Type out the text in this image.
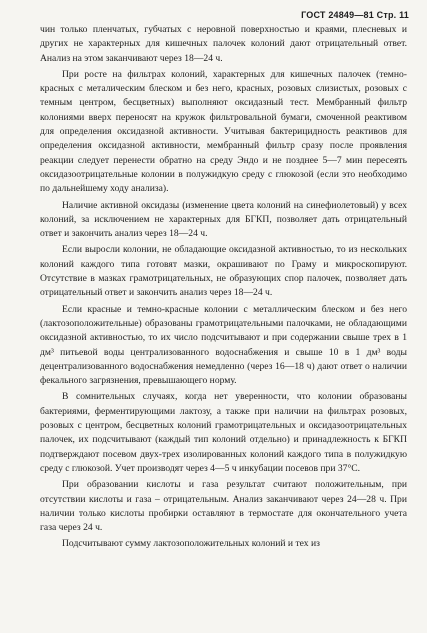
ГОСТ 24849—81 Стр. 11

чин только пленчатых, губчатых с неровной поверхностью и краями, плесневых и других не характерных для кишечных палочек колоний дают отрицательный ответ. Анализ на этом заканчивают через 18—24 ч.

При росте на фильтрах колоний, характерных для кишечных палочек (темно-красных с металическим блеском и без него, красных, розовых слизистых, розовых с темным центром, бесцветных) выполняют оксидазный тест. Мембранный фильтр колониями вверх переносят на кружок фильтровальной бумаги, смоченной реактивом для определения оксидазной активности. Учитывая бактерицидность реактивов для определения оксидазной активности, мембранный фильтр сразу после проявления реакции следует перенести обратно на среду Эндо и не позднее 5—7 мин пересеять оксидазоотрицательные колонии в полужидкую среду с глюкозой (если это необходимо по дальнейшему ходу анализа).

Наличие активной оксидазы (изменение цвета колоний на синефиолетовый) у всех колоний, за исключением не характерных для БГКП, позволяет дать отрицательный ответ и закончить анализ через 18—24 ч.

Если выросли колонии, не обладающие оксидазной активностью, то из нескольких колоний каждого типа готовят мазки, окрашивают по Граму и микроскопируют. Отсутствие в мазках грамотрицательных, не образующих спор палочек, позволяет дать отрицательный ответ и закончить анализ через 18—24 ч.

Если красные и темно-красные колонии с металлическим блеском и без него (лактозоположительные) образованы грамотрицательными палочками, не обладающими оксидазной активностью, то их число подсчитывают и при содержании свыше трех в 1 дм³ питьевой воды централизованного водоснабжения и свыше 10 в 1 дм³ воды децентрализованного водоснабжения немедленно (через 16—18 ч) дают ответ о наличии фекального загрязнения, превышающего норму.

В сомнительных случаях, когда нет уверенности, что колонии образованы бактериями, ферментирующими лактозу, а также при наличии на фильтрах розовых, розовых с центром, бесцветных колоний грамотрицательных и оксидазоотрицательных палочек, их подсчитывают (каждый тип колоний отдельно) и принадлежность к БГКП подтверждают посевом двух-трех изолированных колоний каждого типа в полужидкую среду с глюкозой. Учет производят через 4—5 ч инкубации посевов при 37°С.

При образовании кислоты и газа результат считают положительным, при отсутствии кислоты и газа – отрицательным. Анализ заканчивают через 24—28 ч. При наличии только кислоты пробирки оставляют в термостате для окончательного учета газа через 24 ч.

Подсчитывают сумму лактозоположительных колоний и тех из
